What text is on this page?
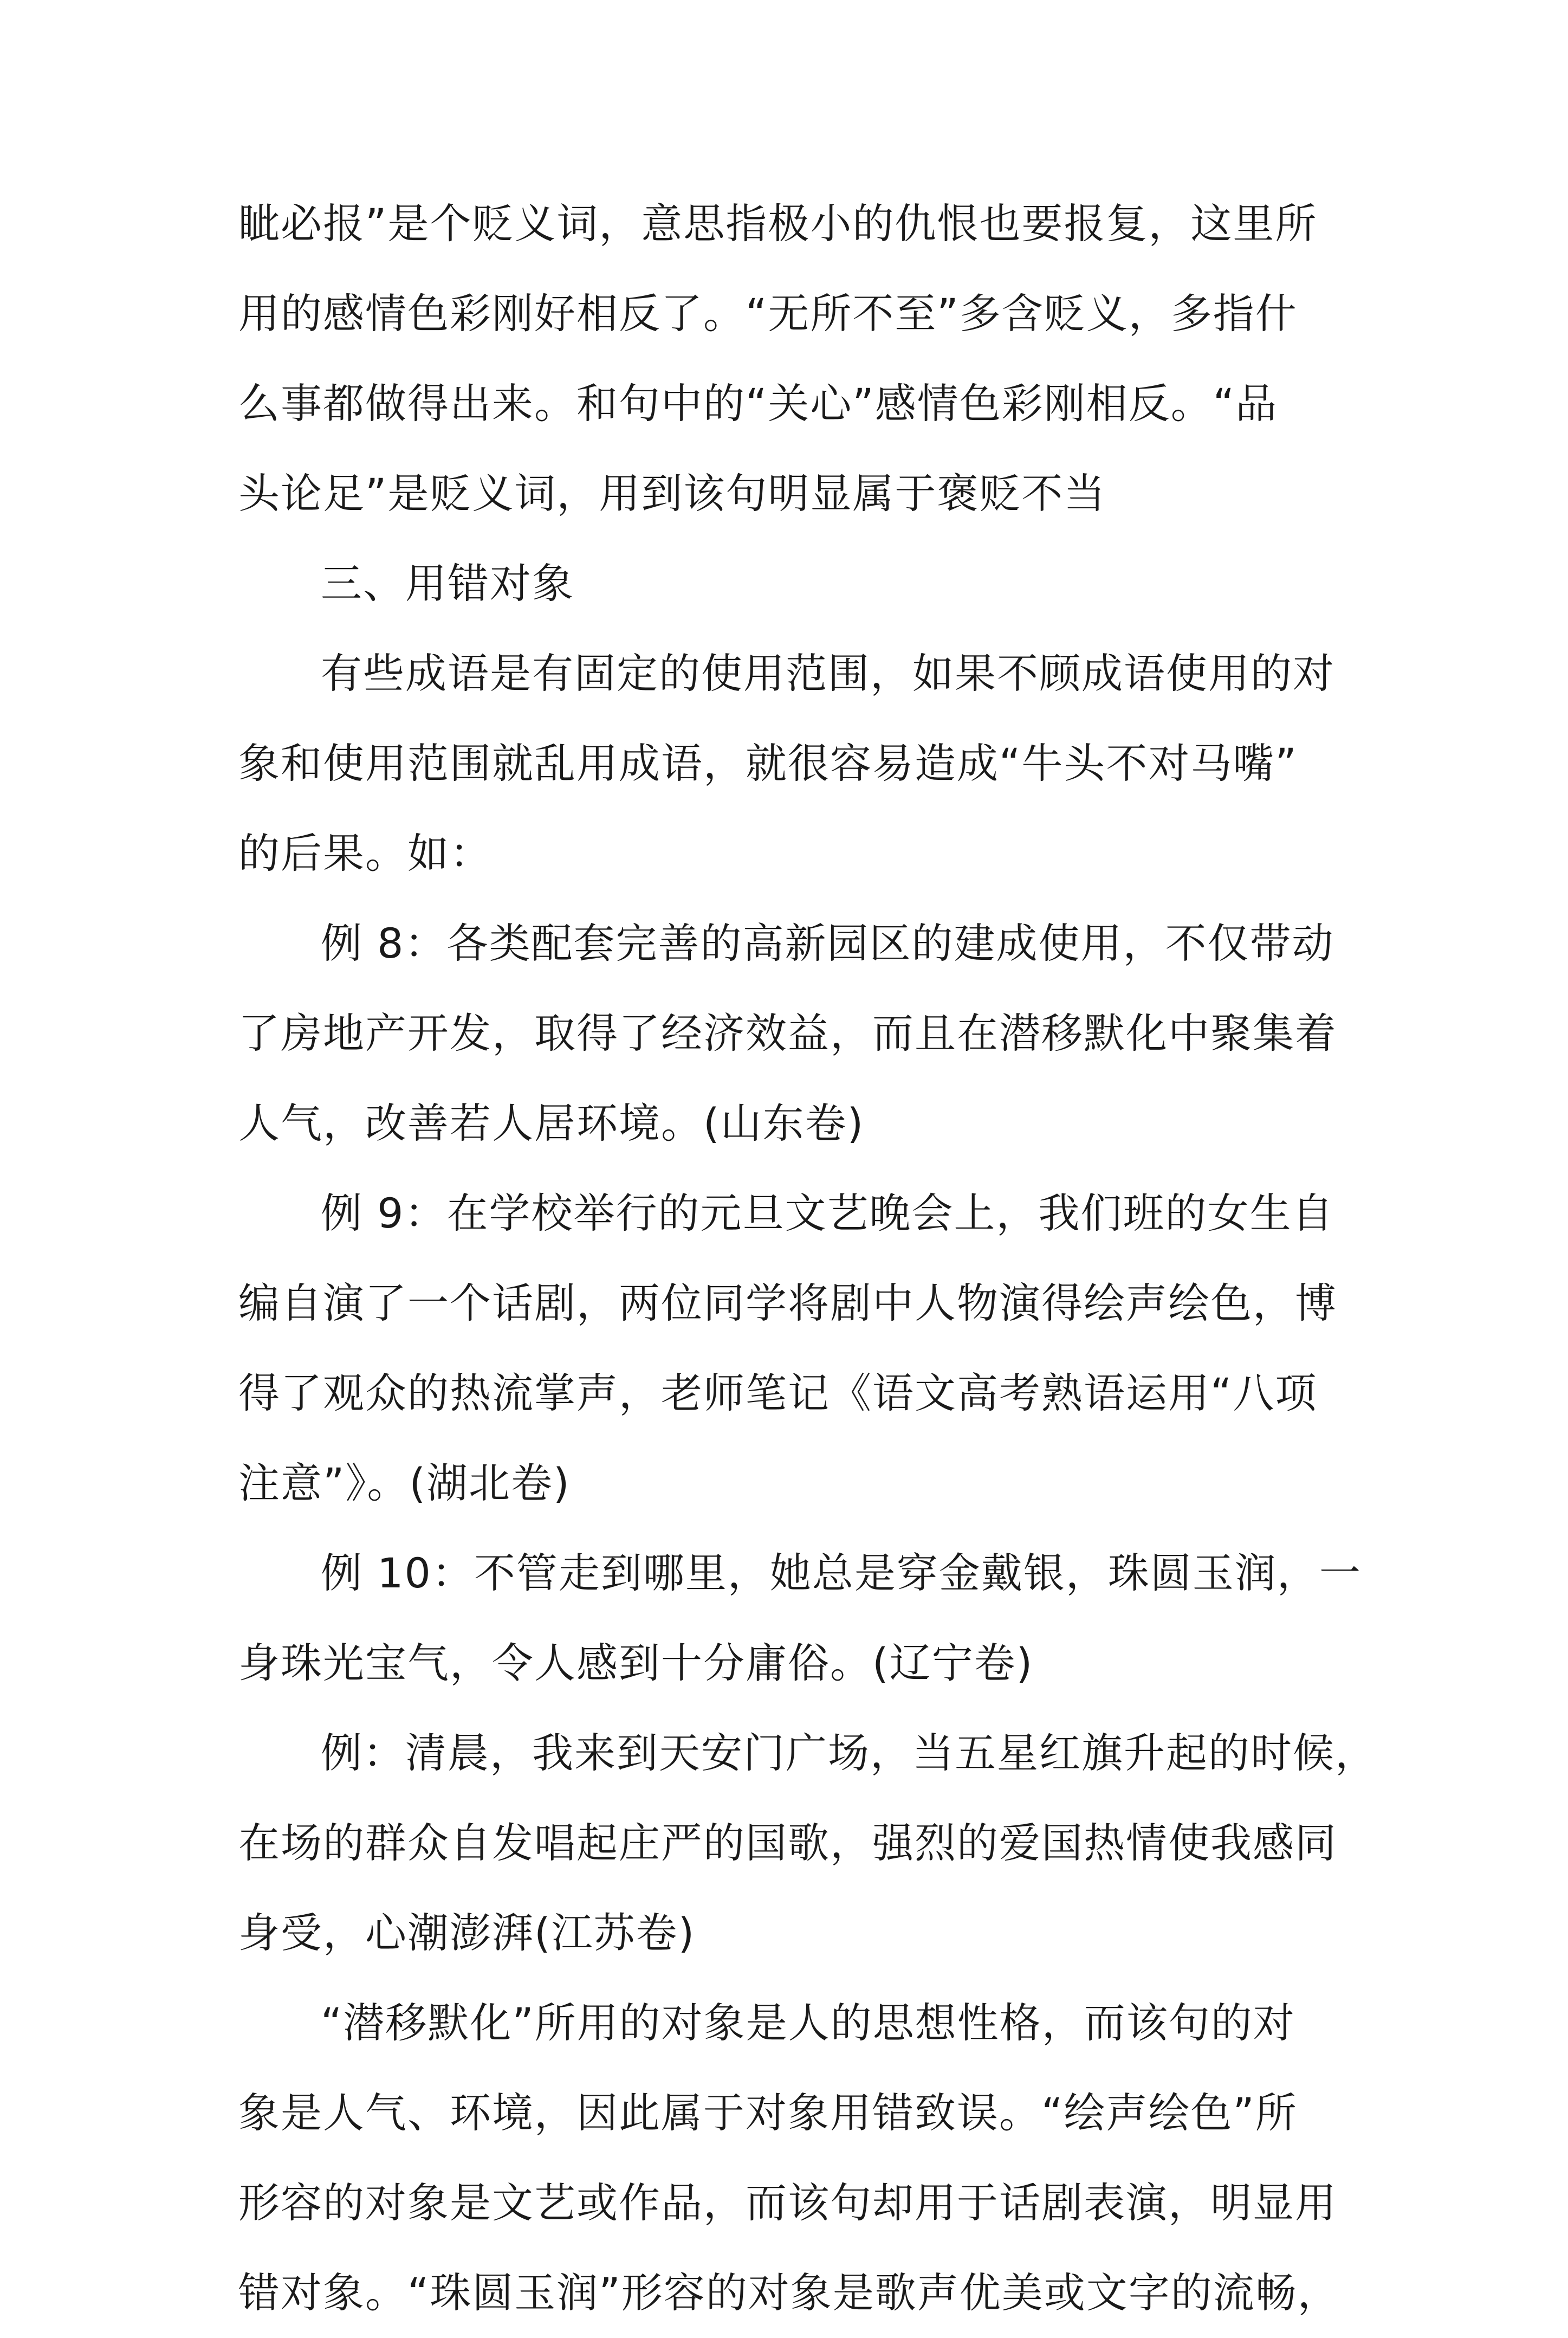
眦必报”是个贬义词，意思指极小的仇恨也要报复，这里所
用的感情色彩刚好相反了。“无所不至”多含贬义，多指什
么事都做得出来。和句中的“关心”感情色彩刚相反。“品
头论足”是贬义词，用到该句明显属于褒贬不当
三、用错对象
有些成语是有固定的使用范围，如果不顾成语使用的对
象和使用范围就乱用成语，就很容易造成“牛头不对马嘴”
的后果。如：
例 8：各类配套完善的高新园区的建成使用，不仅带动
了房地产开发，取得了经济效益，而且在潜移默化中聚集着
人气，改善若人居环境。(山东卷)
例 9：在学校举行的元旦文艺晚会上，我们班的女生自
编自演了一个话剧，两位同学将剧中人物演得绘声绘色，博
得了观众的热流掌声，老师笔记《语文高考熟语运用“八项
注意”》。(湖北卷)
例 10：不管走到哪里，她总是穿金戴银，珠圆玉润，一
身珠光宝气，令人感到十分庸俗。(辽宁卷)
例：清晨，我来到天安门广场，当五星红旗升起的时候，
在场的群众自发唱起庄严的国歌，强烈的爱国热情使我感同
身受，心潮澎湃(江苏卷)
“潜移默化”所用的对象是人的思想性格，而该句的对
象是人气、环境，因此属于对象用错致误。“绘声绘色”所
形容的对象是文艺或作品，而该句却用于话剧表演，明显用
错对象。“珠圆玉润”形容的对象是歌声优美或文字的流畅，
